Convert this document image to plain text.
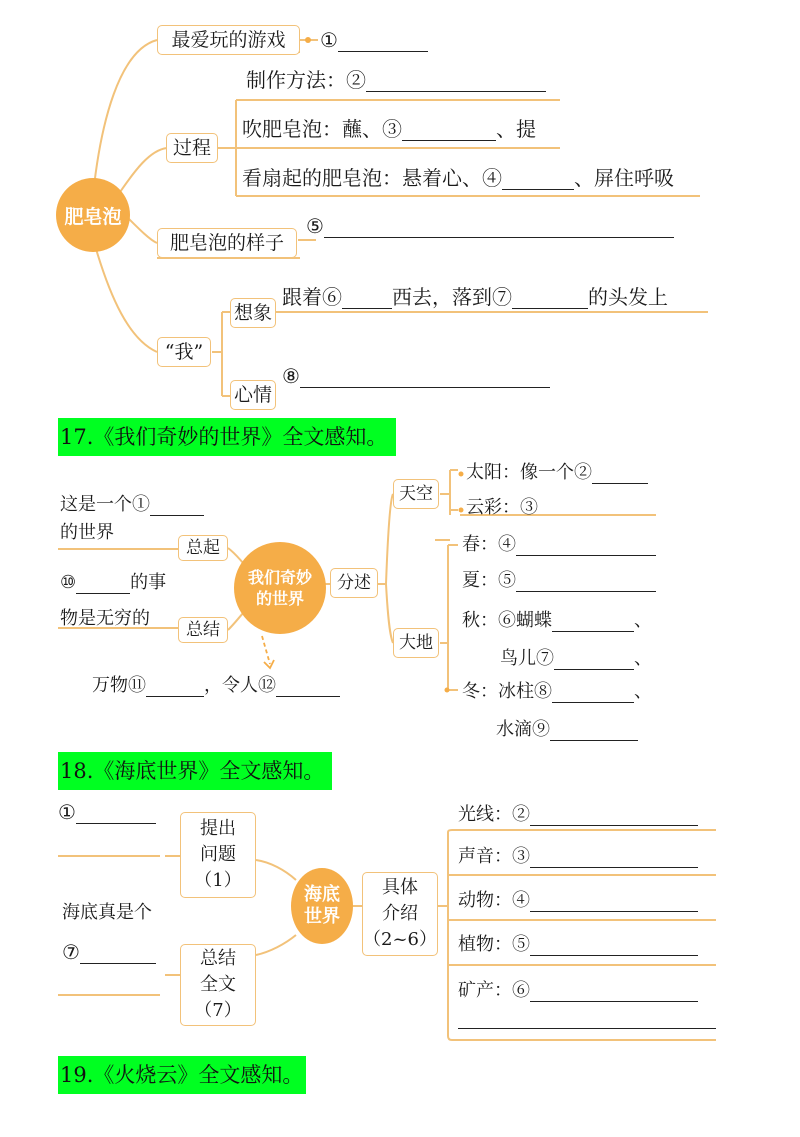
肥皂泡
最爱玩的游戏	①
过程
制作方法：②
吹肥皂泡：蘸、③	、提
看扇起的肥皂泡：悬着心、④	、屏住呼吸
肥皂泡的样子
⑤
“我”
想象
跟着⑥	西去，落到⑦	的头发上
心情
⑧
17.《我们奇妙的世界》全文感知。
我们奇妙的世界
这是一个①
的世界
总起
⑩	的事
物是无穷的
总结
万物⑪	，令人⑫
分述
天空
大地
太阳：像一个②
云彩：③
春：④
夏：⑤
秋：⑥蝴蝶	、
鸟儿⑦	、
冬：冰柱⑧	、
水滴⑨
18.《海底世界》全文感知。
海底世界
①
提出
问题
（1）
海底真是个
⑦	总结
全文
（7）
具体
介绍
（2~6）
光线：②
声音：③
动物：④
植物：⑤
矿产：⑥
19.《火烧云》全文感知。
